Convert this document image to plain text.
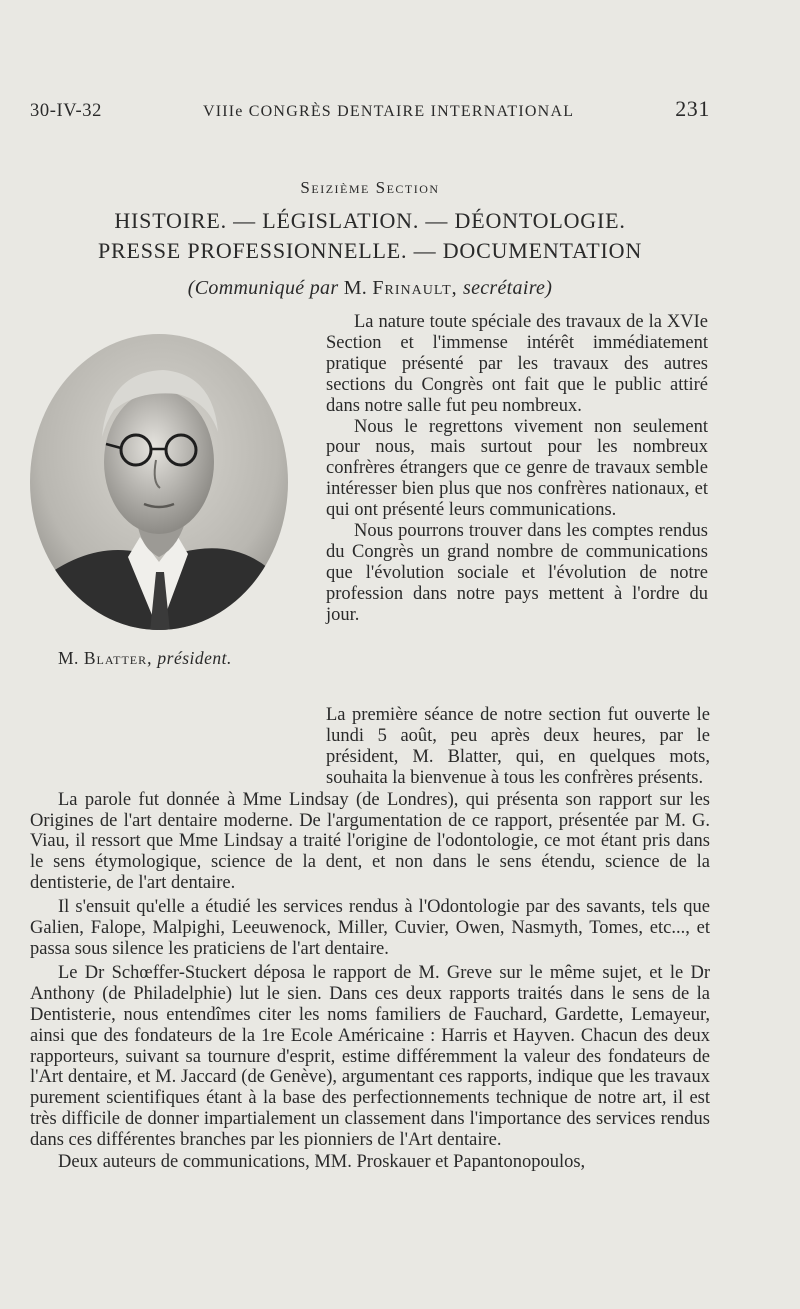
30-IV-32	VIIIe CONGRÈS DENTAIRE INTERNATIONAL	231
Seizième Section
HISTOIRE. — LÉGISLATION. — DÉONTOLOGIE.
PRESSE PROFESSIONNELLE. — DOCUMENTATION
(Communiqué par M. Frinault, secrétaire)
M. Blatter, président.

La nature toute spéciale des travaux de la XVIe Section et l'immense intérêt immédiatement pratique présenté par les travaux des autres sections du Congrès ont fait que le public attiré dans notre salle fut peu nombreux.

Nous le regrettons vivement non seulement pour nous, mais surtout pour les nombreux confrères étrangers que ce genre de travaux semble intéresser bien plus que nos confrères nationaux, et qui ont présenté leurs communications.

Nous pourrons trouver dans les comptes rendus du Congrès un grand nombre de communications que l'évolution sociale et l'évolution de notre profession dans notre pays mettent à l'ordre du jour.

La première séance de notre section fut ouverte le lundi 5 août, peu après deux heures, par le président, M. Blatter, qui, en quelques mots, souhaita la bienvenue à tous les confrères présents.

La parole fut donnée à Mme Lindsay (de Londres), qui présenta son rapport sur les Origines de l'art dentaire moderne. De l'argumentation de ce rapport, présentée par M. G. Viau, il ressort que Mme Lindsay a traité l'origine de l'odontologie, ce mot étant pris dans le sens étymologique, science de la dent, et non dans le sens étendu, science de la dentisterie, de l'art dentaire.

Il s'ensuit qu'elle a étudié les services rendus à l'Odontologie par des savants, tels que Galien, Falope, Malpighi, Leeuwenock, Miller, Cuvier, Owen, Nasmyth, Tomes, etc..., et passa sous silence les praticiens de l'art dentaire.

Le Dr Schœffer-Stuckert déposa le rapport de M. Greve sur le même sujet, et le Dr Anthony (de Philadelphie) lut le sien. Dans ces deux rapports traités dans le sens de la Dentisterie, nous entendîmes citer les noms familiers de Fauchard, Gardette, Lemayeur, ainsi que des fondateurs de la 1re Ecole Américaine : Harris et Hayven. Chacun des deux rapporteurs, suivant sa tournure d'esprit, estime différemment la valeur des fondateurs de l'Art dentaire, et M. Jaccard (de Genève), argumentant ces rapports, indique que les travaux purement scientifiques étant à la base des perfectionnements technique de notre art, il est très difficile de donner impartialement un classement dans l'importance des services rendus dans ces différentes branches par les pionniers de l'Art dentaire.

Deux auteurs de communications, MM. Proskauer et Papantonopoulos,
